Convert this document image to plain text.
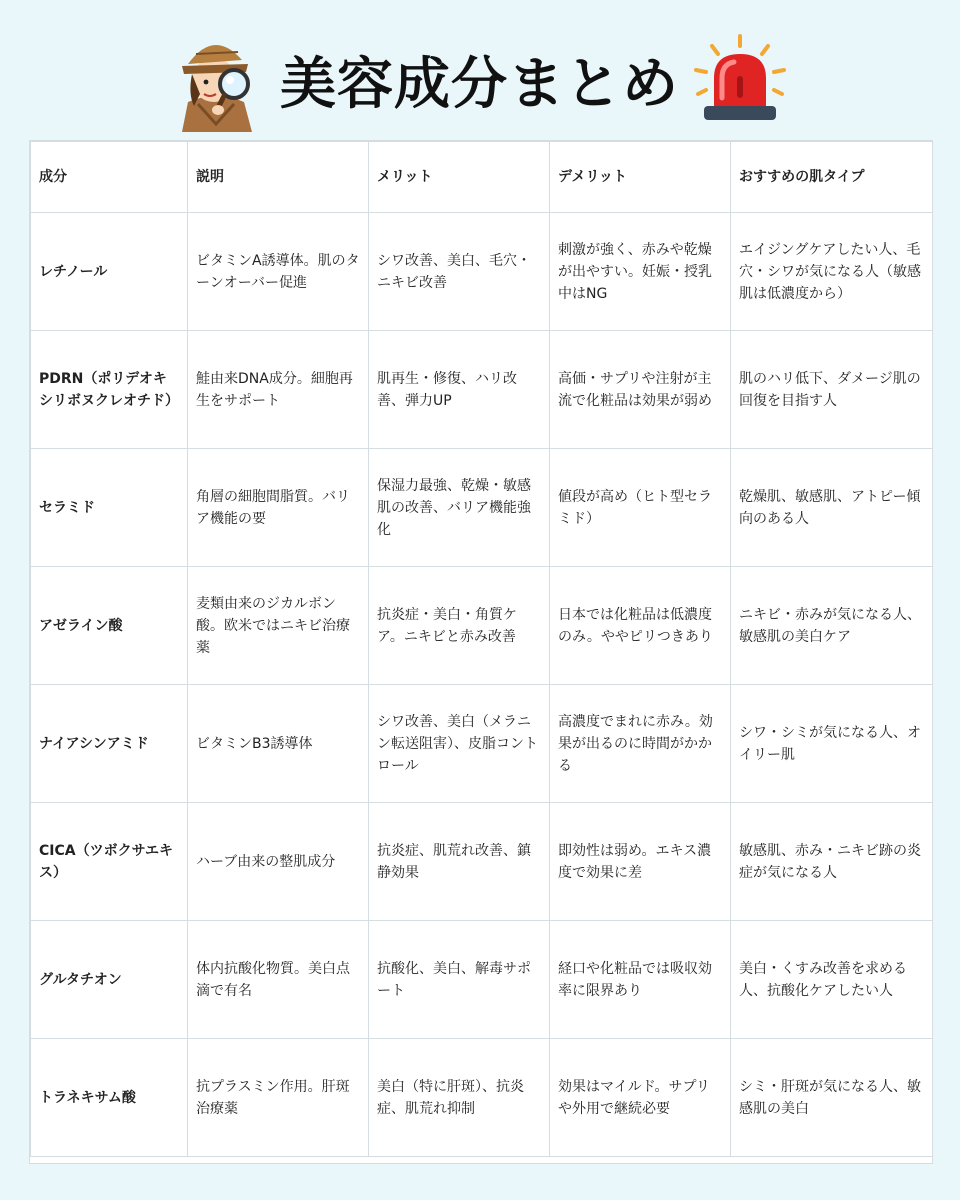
美容成分まとめ
成分	説明	メリット	デメリット	おすすめの肌タイプ
レチノール	ビタミンA誘導体。肌のターンオーバー促進	シワ改善、美白、毛穴・ニキビ改善	刺激が強く、赤みや乾燥が出やすい。妊娠・授乳中はNG	エイジングケアしたい人、毛穴・シワが気になる人（敏感肌は低濃度から）
PDRN（ポリデオキシリボヌクレオチド）	鮭由来DNA成分。細胞再生をサポート	肌再生・修復、ハリ改善、弾力UP	高価・サプリや注射が主流で化粧品は効果が弱め	肌のハリ低下、ダメージ肌の回復を目指す人
セラミド	角層の細胞間脂質。バリア機能の要	保湿力最強、乾燥・敏感肌の改善、バリア機能強化	値段が高め（ヒト型セラミド）	乾燥肌、敏感肌、アトピー傾向のある人
アゼライン酸	麦類由来のジカルボン酸。欧米ではニキビ治療薬	抗炎症・美白・角質ケア。ニキビと赤み改善	日本では化粧品は低濃度のみ。ややピリつきあり	ニキビ・赤みが気になる人、敏感肌の美白ケア
ナイアシンアミド	ビタミンB3誘導体	シワ改善、美白（メラニン転送阻害）、皮脂コントロール	高濃度でまれに赤み。効果が出るのに時間がかかる	シワ・シミが気になる人、オイリー肌
CICA（ツボクサエキス）	ハーブ由来の整肌成分	抗炎症、肌荒れ改善、鎮静効果	即効性は弱め。エキス濃度で効果に差	敏感肌、赤み・ニキビ跡の炎症が気になる人
グルタチオン	体内抗酸化物質。美白点滴で有名	抗酸化、美白、解毒サポート	経口や化粧品では吸収効率に限界あり	美白・くすみ改善を求める人、抗酸化ケアしたい人
トラネキサム酸	抗プラスミン作用。肝斑治療薬	美白（特に肝斑）、抗炎症、肌荒れ抑制	効果はマイルド。サプリや外用で継続必要	シミ・肝斑が気になる人、敏感肌の美白
